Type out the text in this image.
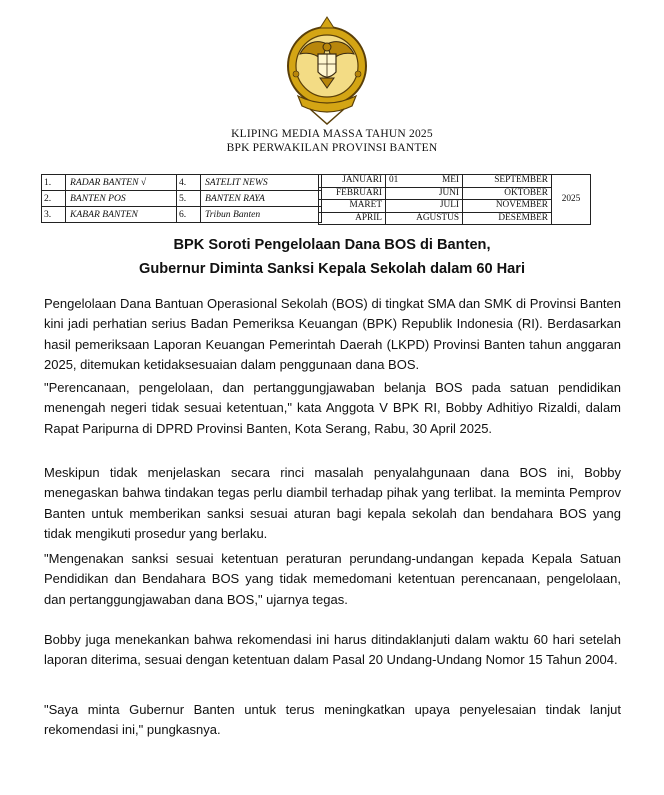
KLIPING MEDIA MASSA TAHUN 2025
BPK PERWAKILAN PROVINSI BANTEN
1.	RADAR BANTEN √	4.	SATELIT NEWS
2.	BANTEN POS	5.	BANTEN RAYA
3.	KABAR BANTEN	6.	Tribun Banten
JANUARI	01 MEI	SEPTEMBER	2025
FEBRUARI	JUNI	OKTOBER	
MARET	JULI	NOVEMBER	
APRIL	AGUSTUS	DESEMBER	
BPK Soroti Pengelolaan Dana BOS di Banten,
Gubernur Diminta Sanksi Kepala Sekolah dalam 60 Hari

Pengelolaan Dana Bantuan Operasional Sekolah (BOS) di tingkat SMA dan SMK di Provinsi Banten kini jadi perhatian serius Badan Pemeriksa Keuangan (BPK) Republik Indonesia (RI). Berdasarkan hasil pemeriksaan Laporan Keuangan Pemerintah Daerah (LKPD) Provinsi Banten tahun anggaran 2025, ditemukan ketidaksesuaian dalam penggunaan dana BOS.

"Perencanaan, pengelolaan, dan pertanggungjawaban belanja BOS pada satuan pendidikan menengah negeri tidak sesuai ketentuan," kata Anggota V BPK RI, Bobby Adhitiyo Rizaldi, dalam Rapat Paripurna di DPRD Provinsi Banten, Kota Serang, Rabu, 30 April 2025.

Meskipun tidak menjelaskan secara rinci masalah penyalahgunaan dana BOS ini, Bobby menegaskan bahwa tindakan tegas perlu diambil terhadap pihak yang terlibat. Ia meminta Pemprov Banten untuk memberikan sanksi sesuai aturan bagi kepala sekolah dan bendahara BOS yang tidak mengikuti prosedur yang berlaku.

"Mengenakan sanksi sesuai ketentuan peraturan perundang-undangan kepada Kepala Satuan Pendidikan dan Bendahara BOS yang tidak memedomani ketentuan perencanaan, pengelolaan, dan pertanggungjawaban dana BOS," ujarnya tegas.

Bobby juga menekankan bahwa rekomendasi ini harus ditindaklanjuti dalam waktu 60 hari setelah laporan diterima, sesuai dengan ketentuan dalam Pasal 20 Undang-Undang Nomor 15 Tahun 2004.

"Saya minta Gubernur Banten untuk terus meningkatkan upaya penyelesaian tindak lanjut rekomendasi ini," pungkasnya.
